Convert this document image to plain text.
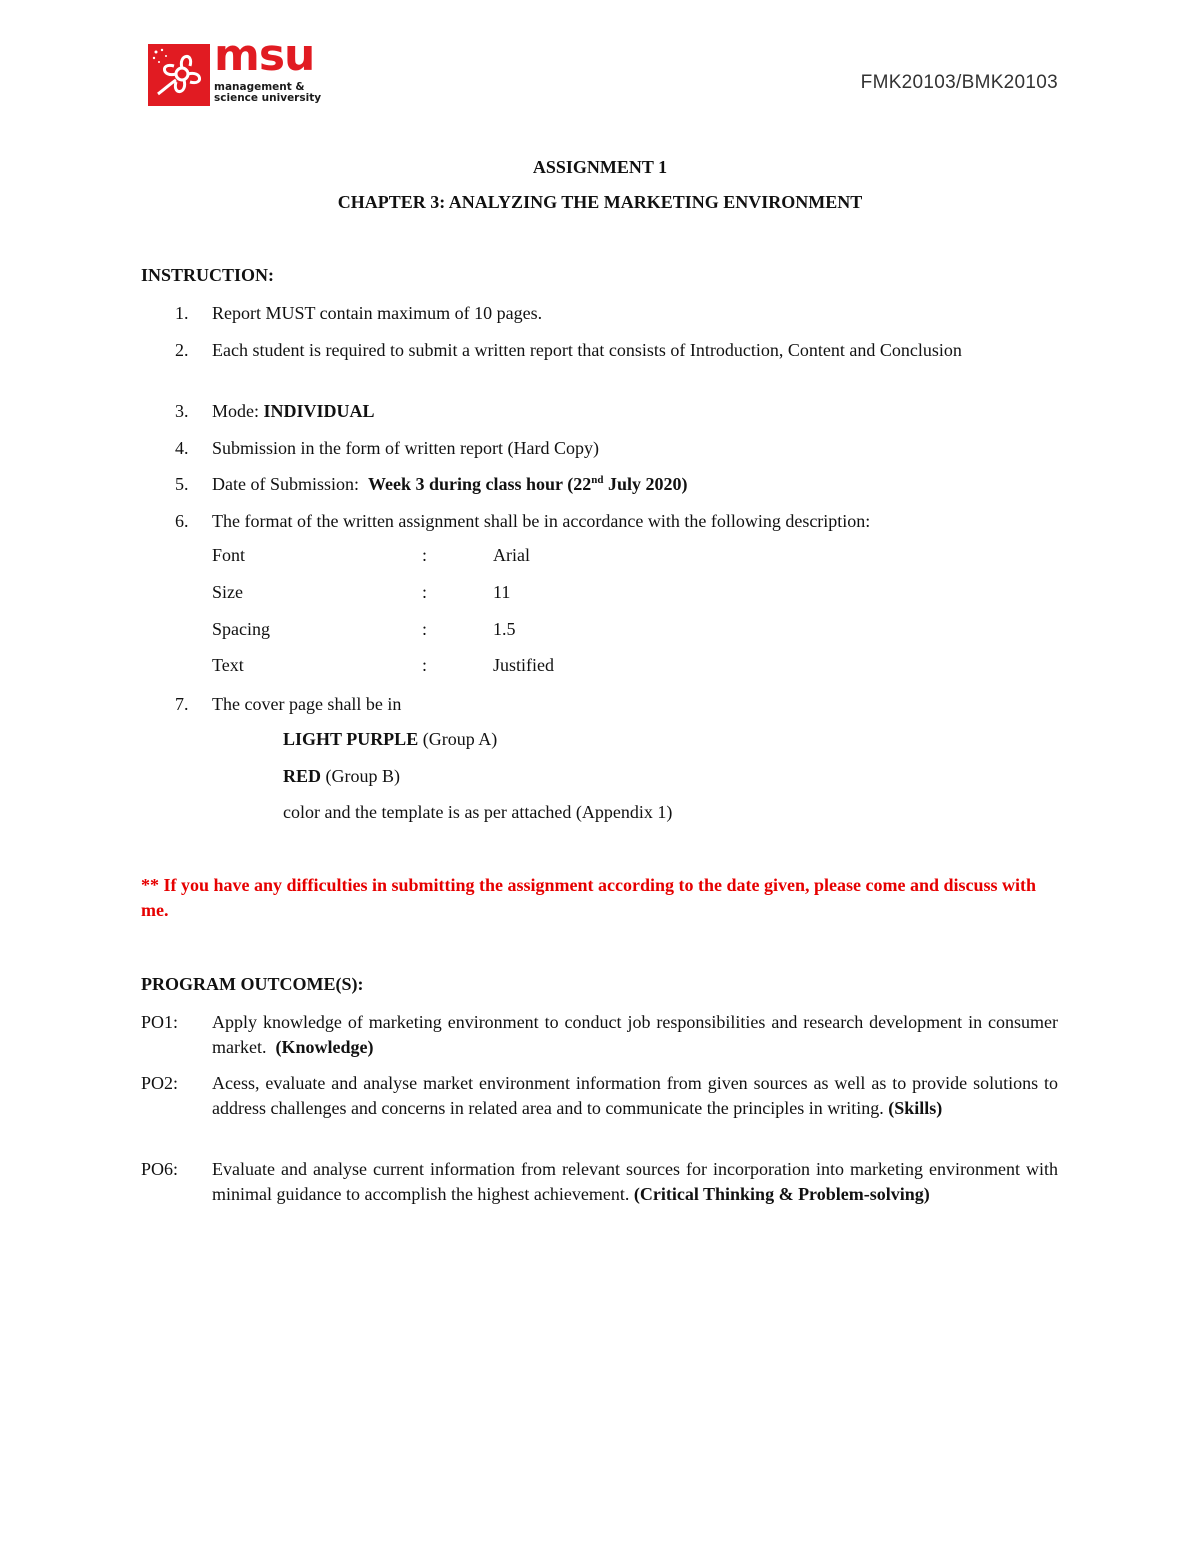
msu
management &
science university
FMK20103/BMK20103
ASSIGNMENT 1
CHAPTER 3: ANALYZING THE MARKETING ENVIRONMENT
INSTRUCTION:
1. Report MUST contain maximum of 10 pages.
2. Each student is required to submit a written report that consists of Introduction, Content and Conclusion
3. Mode: INDIVIDUAL
4. Submission in the form of written report (Hard Copy)
5. Date of Submission:  Week 3 during class hour (22nd July 2020)
6. The format of the written assignment shall be in accordance with the following description:
Font	:	Arial
Size	:	11
Spacing	:	1.5
Text	:	Justified
7. The cover page shall be in
LIGHT PURPLE (Group A)
RED (Group B)
color and the template is as per attached (Appendix 1)
** If you have any difficulties in submitting the assignment according to the date given, please come and discuss with me.
PROGRAM OUTCOME(S):
PO1: Apply knowledge of marketing environment to conduct job responsibilities and research development in consumer market. (Knowledge)
PO2: Acess, evaluate and analyse market environment information from given sources as well as to provide solutions to address challenges and concerns in related area and to communicate the principles in writing. (Skills)
PO6: Evaluate and analyse current information from relevant sources for incorporation into marketing environment with minimal guidance to accomplish the highest achievement. (Critical Thinking & Problem-solving)
